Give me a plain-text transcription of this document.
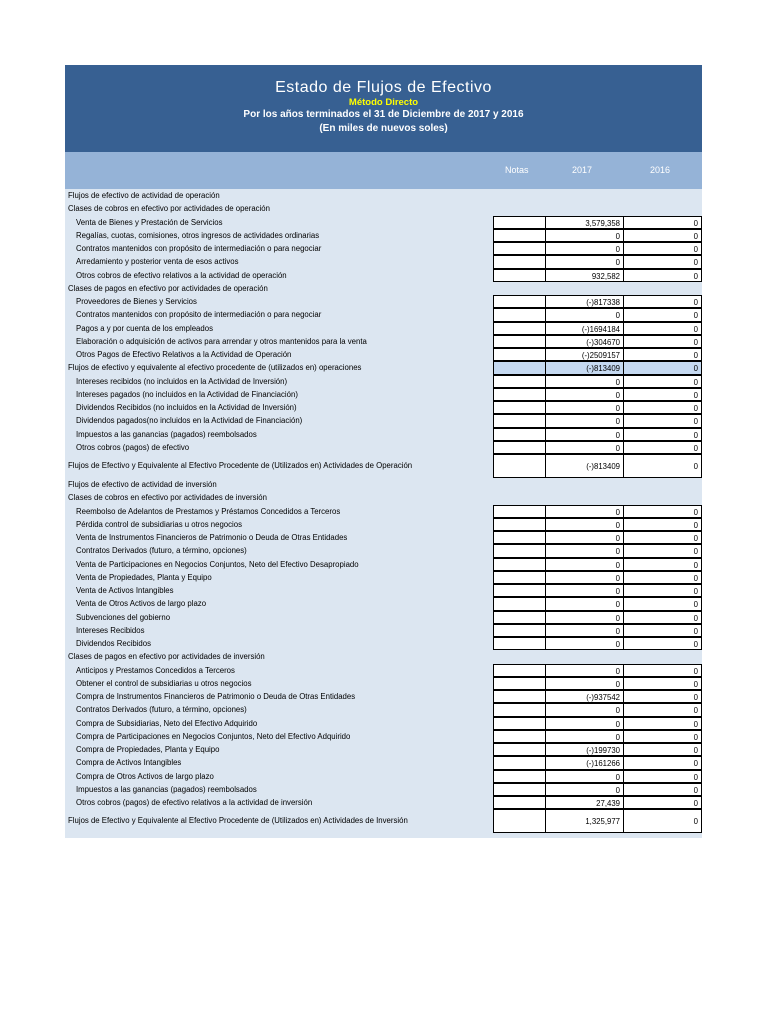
Estado de Flujos de Efectivo
Método Directo
Por los años terminados el 31 de Diciembre de 2017 y 2016
(En miles de nuevos soles)
Notas	2017	2016
Flujos de efectivo de actividad de operación
Clases de cobros en efectivo por actividades de operación
Venta de Bienes y Prestación de Servicios	3,579,358	0
Regalías, cuotas, comisiones, otros ingresos de actividades ordinarias	0	0
Contratos mantenidos con propósito de intermediación o para negociar	0	0
Arredamiento y posterior venta de esos activos	0	0
Otros cobros de efectivo relativos a la actividad de operación	932,582	0
Clases de pagos en efectivo por actividades de operación
Proveedores de Bienes y Servicios	(-)817338	0
Contratos mantenidos con propósito de intermediación o para negociar	0	0
Pagos a y por cuenta de los empleados	(-)1694184	0
Elaboración o adquisición de activos para arrendar y otros mantenidos para la venta	(-)304670	0
Otros Pagos de Efectivo Relativos a la Actividad de Operación	(-)2509157	0
Flujos de efectivo y equivalente al efectivo procedente de (utilizados en) operaciones	(-)813409	0
Intereses recibidos (no incluidos en la Actividad de Inversión)	0	0
Intereses pagados (no incluidos en la Actividad de Financiación)	0	0
Dividendos Recibidos (no incluidos en la Actividad de Inversión)	0	0
Dividendos pagados(no incluidos en la Actividad de Financiación)	0	0
Impuestos a las ganancias (pagados) reembolsados	0	0
Otros cobros (pagos) de efectivo	0	0
Flujos de Efectivo y Equivalente al Efectivo Procedente de (Utilizados en) Actividades de Operación	(-)813409	0
Flujos de efectivo de actividad de inversión
Clases de cobros en efectivo por actividades de inversión
Reembolso de Adelantos de Prestamos y Préstamos Concedidos a Terceros	0	0
Pérdida control de subsidiarias u otros negocios	0	0
Venta de Instrumentos Financieros de Patrimonio o Deuda de Otras Entidades	0	0
Contratos Derivados (futuro, a término, opciones)	0	0
Venta de Participaciones en Negocios Conjuntos, Neto del Efectivo Desapropiado	0	0
Venta de Propiedades, Planta y Equipo	0	0
Venta de Activos Intangibles	0	0
Venta de Otros Activos de largo plazo	0	0
Subvenciones del gobierno	0	0
Intereses Recibidos	0	0
Dividendos Recibidos	0	0
Clases de pagos en efectivo por actividades de inversión
Anticipos y Prestamos Concedidos a Terceros	0	0
Obtener el control de subsidiarias u otros negocios	0	0
Compra de Instrumentos Financieros de Patrimonio o Deuda de Otras Entidades	(-)937542	0
Contratos Derivados (futuro, a término, opciones)	0	0
Compra de Subsidiarias, Neto del Efectivo Adquirido	0	0
Compra de Participaciones en Negocios Conjuntos, Neto del Efectivo Adquirido	0	0
Compra de Propiedades, Planta y Equipo	(-)199730	0
Compra de Activos Intangibles	(-)161266	0
Compra de Otros Activos de largo plazo	0	0
Impuestos a las ganancias (pagados) reembolsados	0	0
Otros cobros (pagos) de efectivo relativos a la actividad de inversión	27,439	0
Flujos de Efectivo y Equivalente al Efectivo Procedente de (Utilizados en) Actividades de Inversión	1,325,977	0
